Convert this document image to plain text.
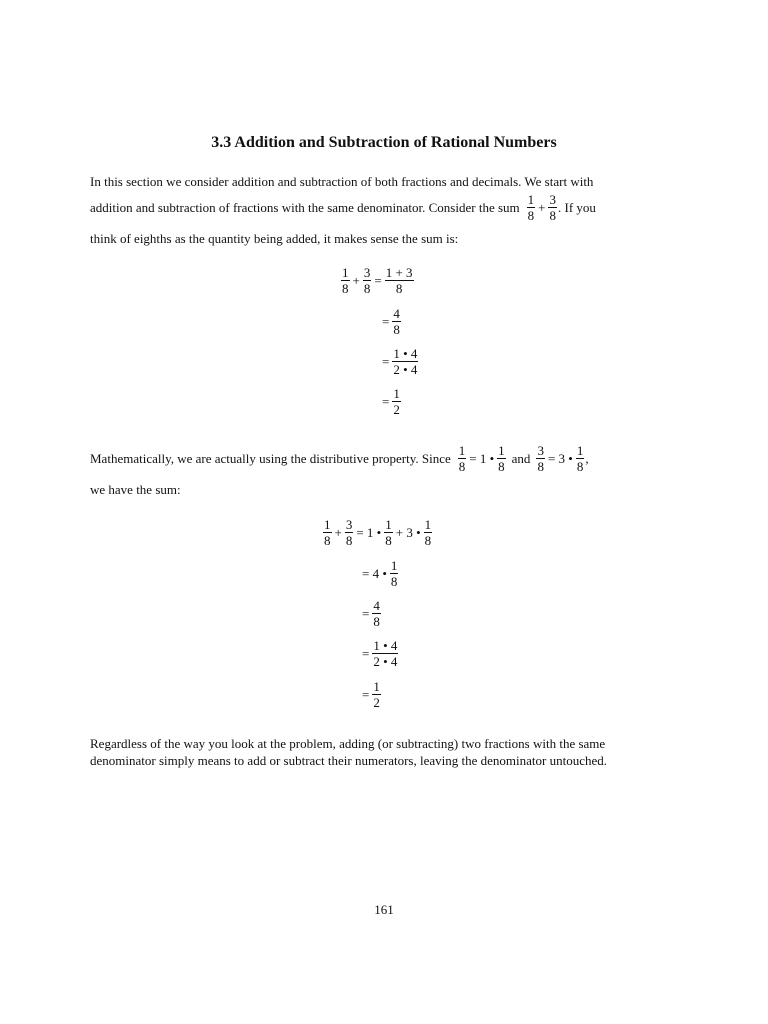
3.3 Addition and Subtraction of Rational Numbers
In this section we consider addition and subtraction of both fractions and decimals. We start with
addition and subtraction of fractions with the same denominator. Consider the sum $\frac{1}{8} + \frac{3}{8}$ . If you
think of eighths as the quantity being added, it makes sense the sum is:
$\frac{1}{8} + \frac{3}{8} = \frac{1 + 3}{8}$
= $\frac{4}{8}$
= $\frac{1 • 4}{2 • 4}$
= $\frac{1}{2}$
Mathematically, we are actually using the distributive property. Since $\frac{1}{8} = 1$ • $\frac{1}{8}$ and $\frac{3}{8} = 3$ • $\frac{1}{8}$ ,
we have the sum:
$\frac{1}{8} + \frac{3}{8} = 1$ • $\frac{1}{8} + 3$ • $\frac{1}{8}$
= 4 • $\frac{1}{8}$
= $\frac{4}{8}$
= $\frac{1 • 4}{2 • 4}$
= $\frac{1}{2}$

Regardless of the way you look at the problem, adding (or subtracting) two fractions with the same denominator simply means to add or subtract their numerators, leaving the denominator untouched.

161
